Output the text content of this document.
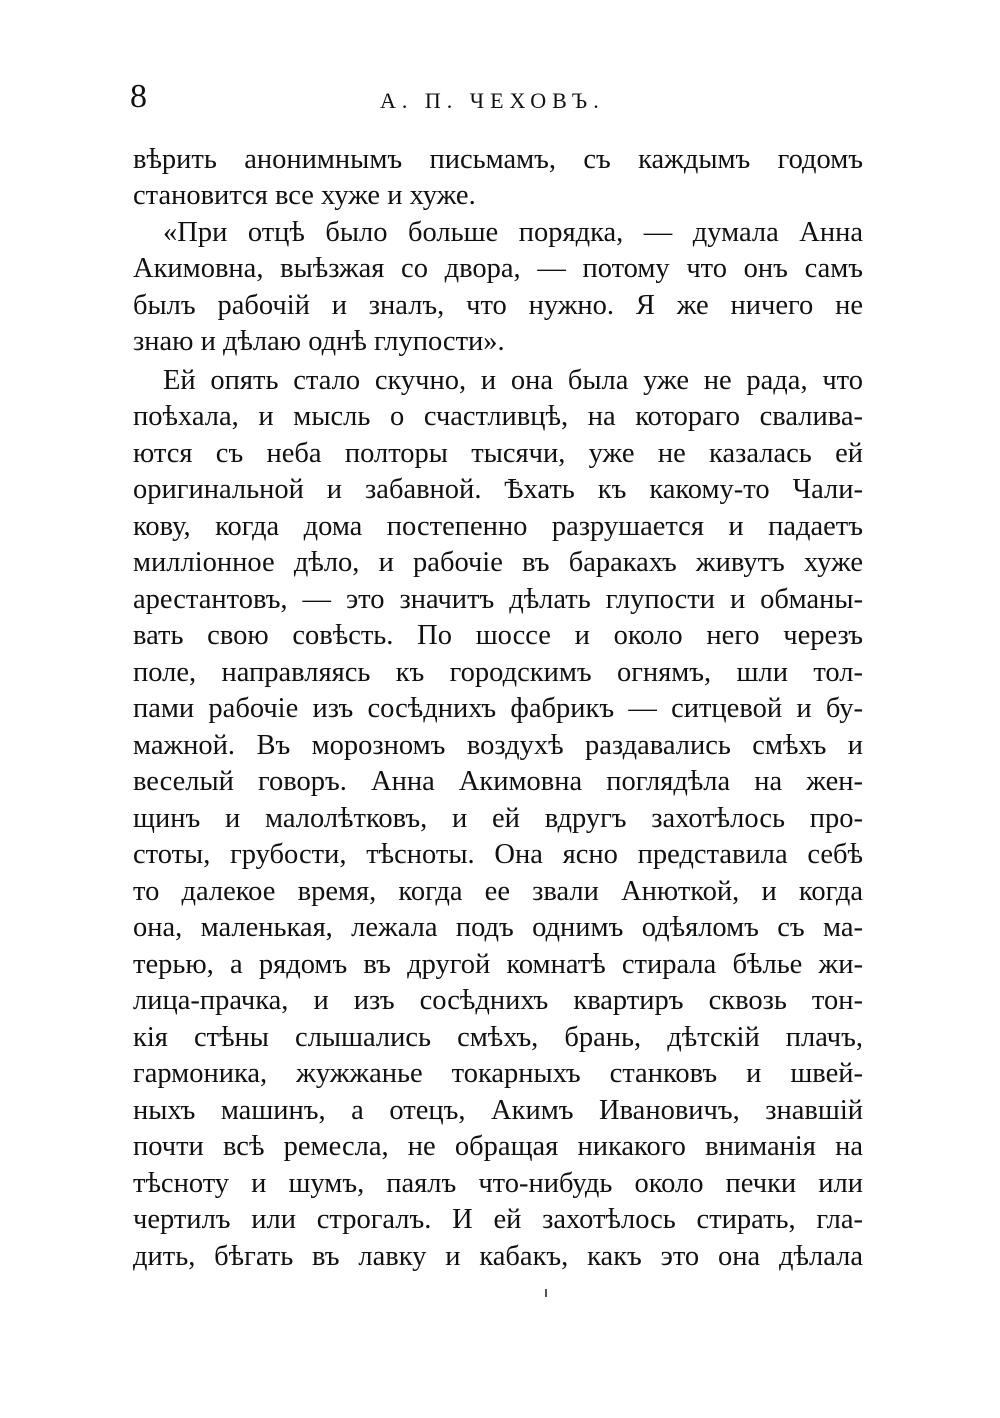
8	А. П. ЧЕХОВЪ.
вѣрить анонимнымъ письмамъ, съ каждымъ годомъ
становится все хуже и хуже.
«При отцѣ было больше порядка, — думала Анна
Акимовна, выѣзжая со двора, — потому что онъ самъ
былъ рабочій и зналъ, что нужно. Я же ничего не
знаю и дѣлаю однѣ глупости».
Ей опять стало скучно, и она была уже не рада, что
поѣхала, и мысль о счастливцѣ, на котораго свалива-
ются съ неба полторы тысячи, уже не казалась ей
оригинальной и забавной. Ѣхать къ какому-то Чали-
кову, когда дома постепенно разрушается и падаетъ
милліонное дѣло, и рабочіе въ баракахъ живутъ хуже
арестантовъ, — это значитъ дѣлать глупости и обманы-
вать свою совѣсть. По шоссе и около него черезъ
поле, направляясь къ городскимъ огнямъ, шли тол-
пами рабочіе изъ сосѣднихъ фабрикъ — ситцевой и бу-
мажной. Въ морозномъ воздухѣ раздавались смѣхъ и
веселый говоръ. Анна Акимовна поглядѣла на жен-
щинъ и малолѣтковъ, и ей вдругъ захотѣлось про-
стоты, грубости, тѣсноты. Она ясно представила себѣ
то далекое время, когда ее звали Анюткой, и когда
она, маленькая, лежала подъ однимъ одѣяломъ съ ма-
терью, а рядомъ въ другой комнатѣ стирала бѣлье жи-
лица-прачка, и изъ сосѣднихъ квартиръ сквозь тон-
кія стѣны слышались смѣхъ, брань, дѣтскій плачъ,
гармоника, жужжанье токарныхъ станковъ и швей-
ныхъ машинъ, а отецъ, Акимъ Ивановичъ, знавшій
почти всѣ ремесла, не обращая никакого вниманія на
тѣсноту и шумъ, паялъ что-нибудь около печки или
чертилъ или строгалъ. И ей захотѣлось стирать, гла-
дить, бѣгать въ лавку и кабакъ, какъ это она дѣлала
